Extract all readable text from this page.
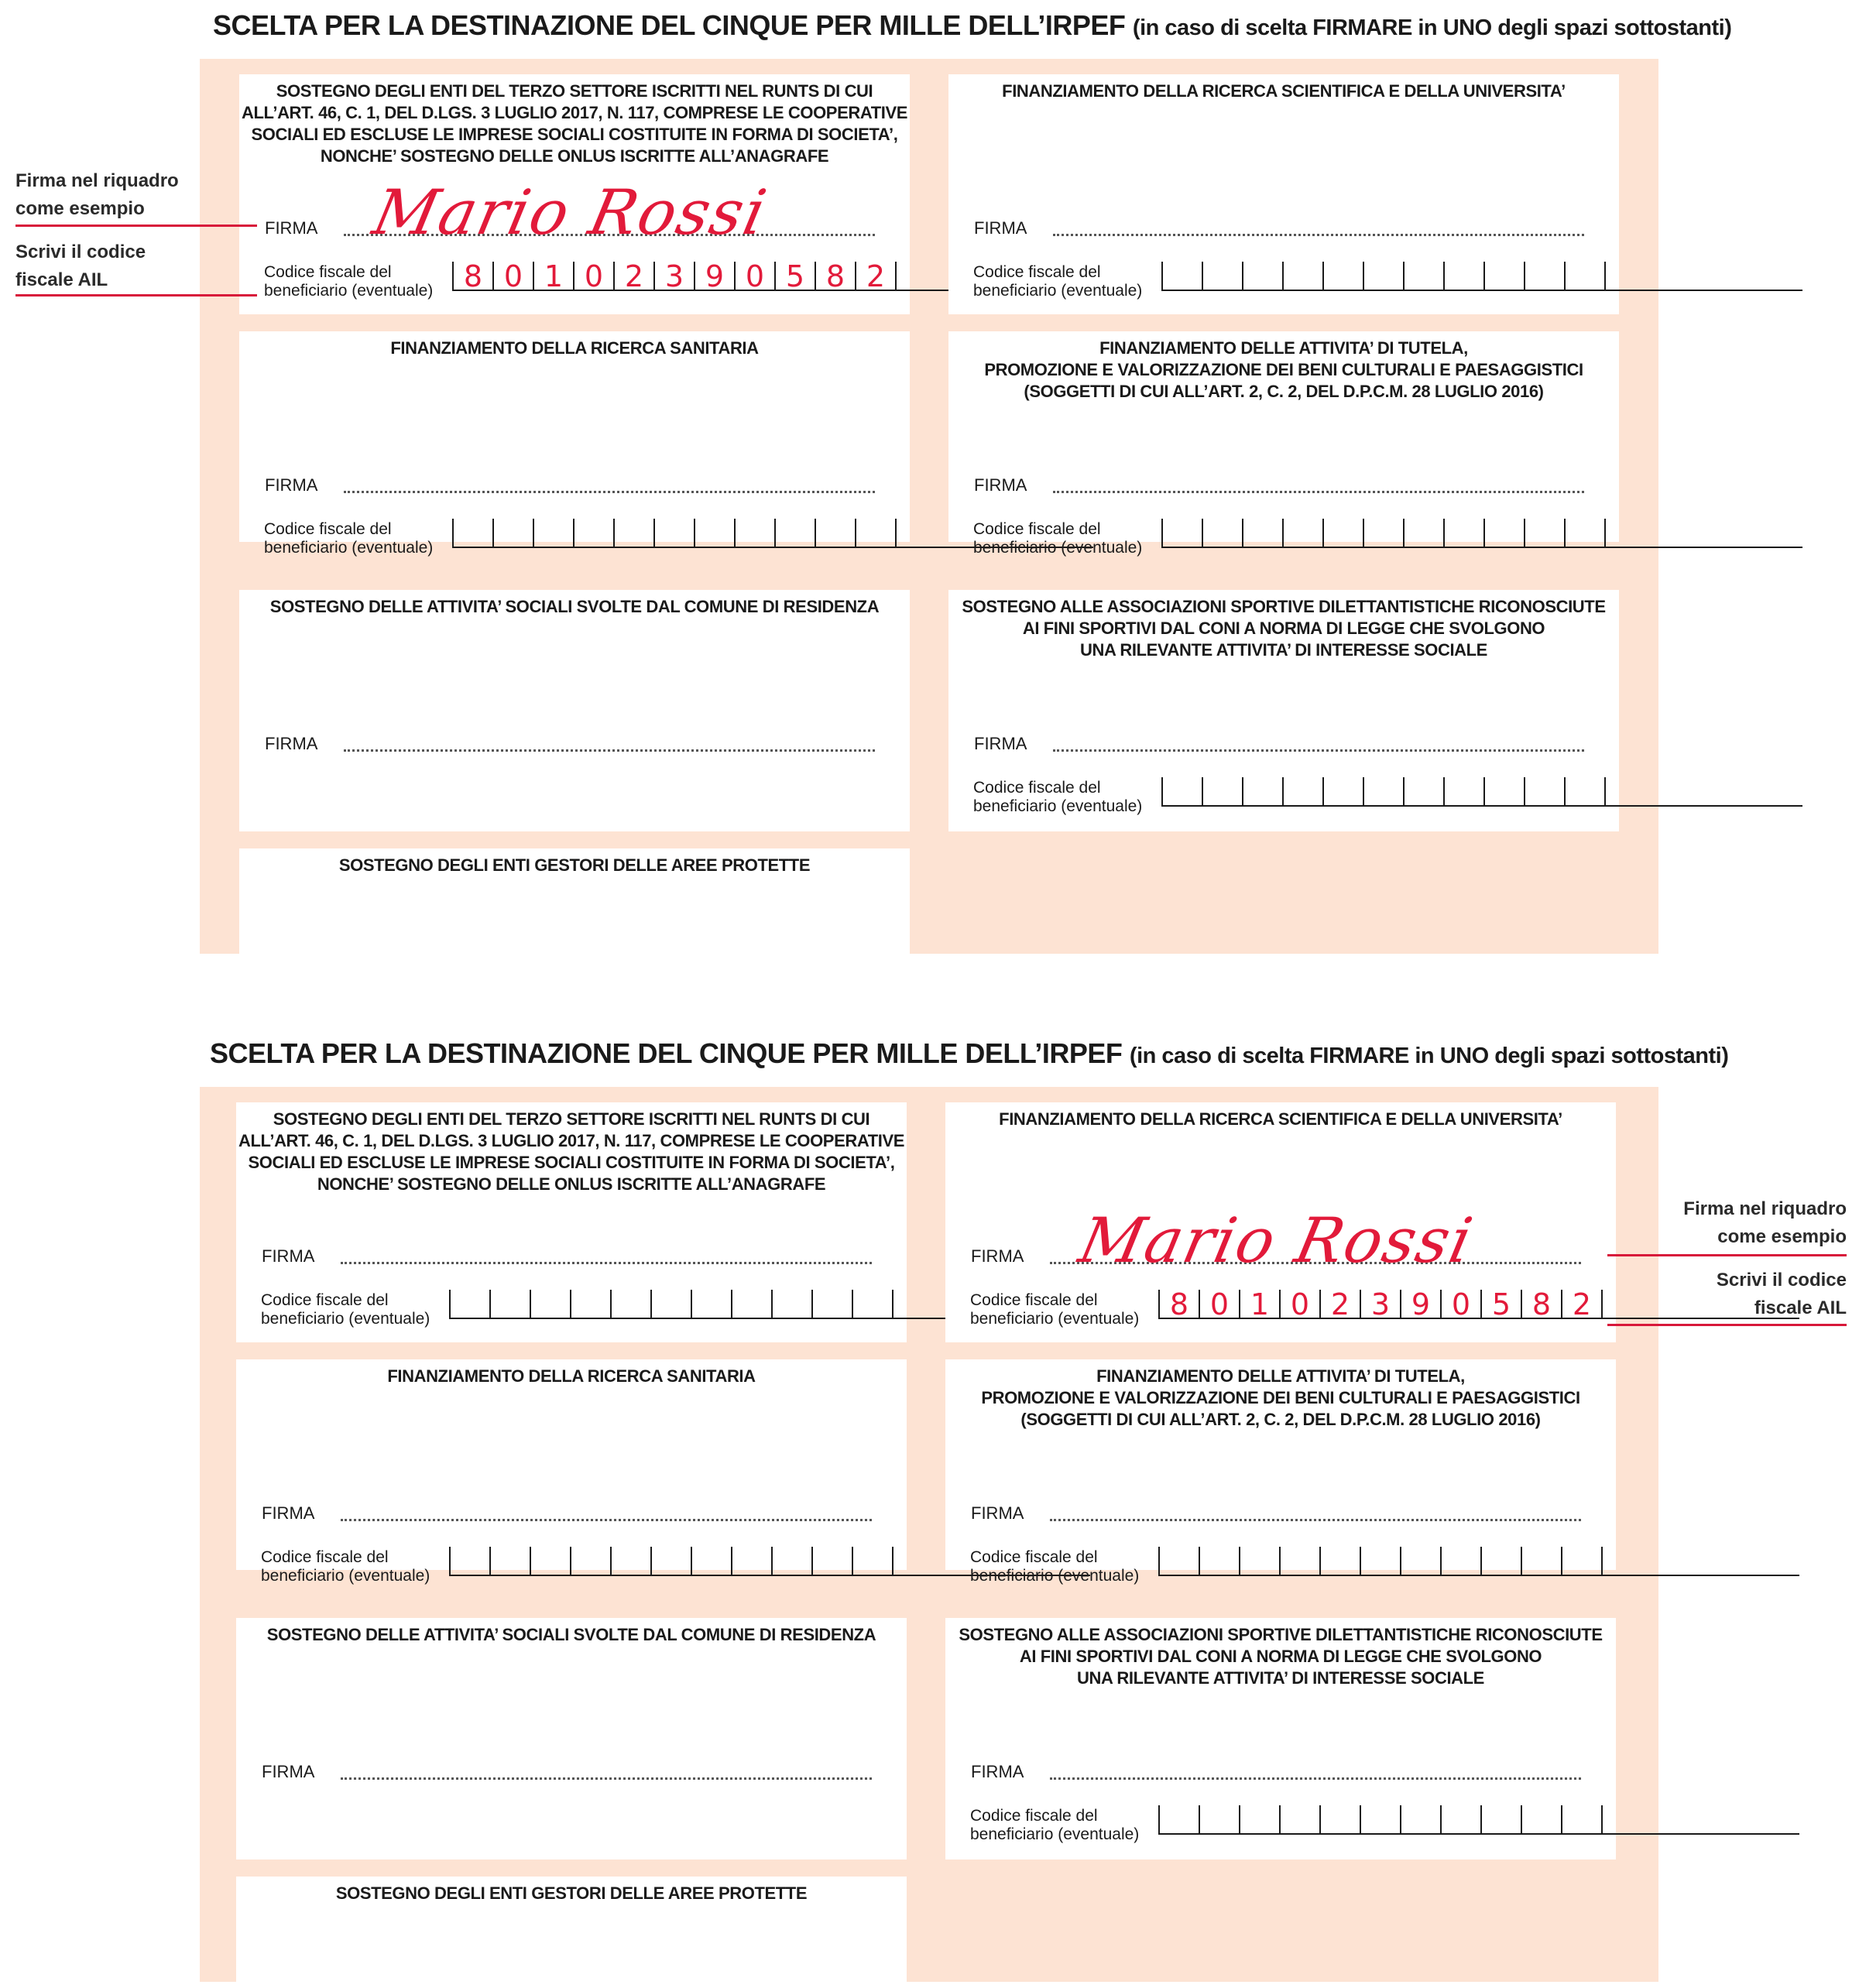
SCELTA PER LA DESTINAZIONE DEL CINQUE PER MILLE DELL’IRPEF (in caso di scelta FIRMARE in UNO degli spazi sottostanti)
SOSTEGNO DEGLI ENTI DEL TERZO SETTORE ISCRITTI NEL RUNTS DI CUI
ALL’ART. 46, C. 1, DEL D.LGS. 3 LUGLIO 2017, N. 117, COMPRESE LE COOPERATIVE
SOCIALI ED ESCLUSE LE IMPRESE SOCIALI COSTITUITE IN FORMA DI SOCIETA’,
NONCHE’ SOSTEGNO DELLE ONLUS ISCRITTE ALL’ANAGRAFE
FIRMA Mario Rossi
Codice fiscale del
beneficiario (eventuale)	8 0 1 0 2 3 9 0 5 8 2
FINANZIAMENTO DELLA RICERCA SCIENTIFICA E DELLA UNIVERSITA’
FIRMA
Codice fiscale del
beneficiario (eventuale)
FINANZIAMENTO DELLA RICERCA SANITARIA
FIRMA
Codice fiscale del
beneficiario (eventuale)
FINANZIAMENTO DELLE ATTIVITA’ DI TUTELA,
PROMOZIONE E VALORIZZAZIONE DEI BENI CULTURALI E PAESAGGISTICI
(SOGGETTI DI CUI ALL’ART. 2, C. 2, DEL D.P.C.M. 28 LUGLIO 2016)
FIRMA
Codice fiscale del
beneficiario (eventuale)
SOSTEGNO DELLE ATTIVITA’ SOCIALI SVOLTE DAL COMUNE DI RESIDENZA
FIRMA
SOSTEGNO ALLE ASSOCIAZIONI SPORTIVE DILETTANTISTICHE RICONOSCIUTE
AI FINI SPORTIVI DAL CONI A NORMA DI LEGGE CHE SVOLGONO
UNA RILEVANTE ATTIVITA’ DI INTERESSE SOCIALE
FIRMA
Codice fiscale del
beneficiario (eventuale)
SOSTEGNO DEGLI ENTI GESTORI DELLE AREE PROTETTE
Firma nel riquadro
come esempio
Scrivi il codice
fiscale AIL
SCELTA PER LA DESTINAZIONE DEL CINQUE PER MILLE DELL’IRPEF (in caso di scelta FIRMARE in UNO degli spazi sottostanti)
SOSTEGNO DEGLI ENTI DEL TERZO SETTORE ISCRITTI NEL RUNTS DI CUI
ALL’ART. 46, C. 1, DEL D.LGS. 3 LUGLIO 2017, N. 117, COMPRESE LE COOPERATIVE
SOCIALI ED ESCLUSE LE IMPRESE SOCIALI COSTITUITE IN FORMA DI SOCIETA’,
NONCHE’ SOSTEGNO DELLE ONLUS ISCRITTE ALL’ANAGRAFE
FIRMA
Codice fiscale del
beneficiario (eventuale)
FINANZIAMENTO DELLA RICERCA SCIENTIFICA E DELLA UNIVERSITA’
FIRMA Mario Rossi
Codice fiscale del
beneficiario (eventuale)	8 0 1 0 2 3 9 0 5 8 2
FINANZIAMENTO DELLA RICERCA SANITARIA
FIRMA
Codice fiscale del
beneficiario (eventuale)
FINANZIAMENTO DELLE ATTIVITA’ DI TUTELA,
PROMOZIONE E VALORIZZAZIONE DEI BENI CULTURALI E PAESAGGISTICI
(SOGGETTI DI CUI ALL’ART. 2, C. 2, DEL D.P.C.M. 28 LUGLIO 2016)
FIRMA
Codice fiscale del
beneficiario (eventuale)
SOSTEGNO DELLE ATTIVITA’ SOCIALI SVOLTE DAL COMUNE DI RESIDENZA
FIRMA
SOSTEGNO ALLE ASSOCIAZIONI SPORTIVE DILETTANTISTICHE RICONOSCIUTE
AI FINI SPORTIVI DAL CONI A NORMA DI LEGGE CHE SVOLGONO
UNA RILEVANTE ATTIVITA’ DI INTERESSE SOCIALE
FIRMA
Codice fiscale del
beneficiario (eventuale)
SOSTEGNO DEGLI ENTI GESTORI DELLE AREE PROTETTE
Firma nel riquadro
come esempio
Scrivi il codice
fiscale AIL
